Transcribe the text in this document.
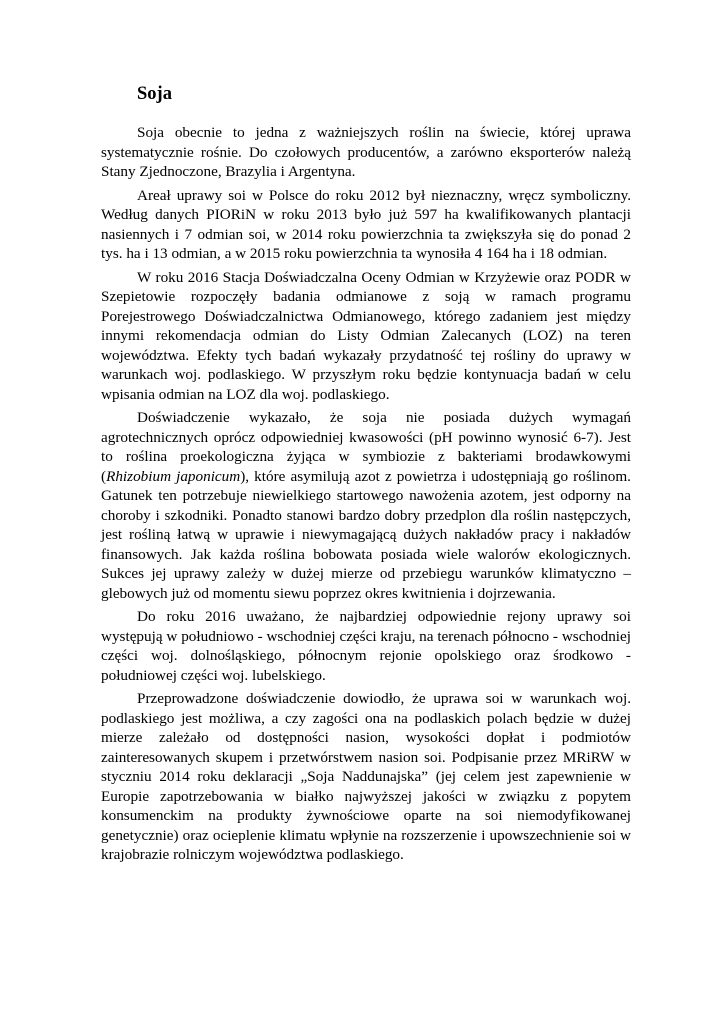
Soja

Soja obecnie to jedna z ważniejszych roślin na świecie, której uprawa systematycznie rośnie. Do czołowych producentów, a zarówno eksporterów należą Stany Zjednoczone, Brazylia i Argentyna.

Areał uprawy soi w Polsce do roku 2012 był nieznaczny, wręcz symboliczny. Według danych PIORiN w roku 2013 było już 597 ha kwalifikowanych plantacji nasiennych i 7 odmian soi, w 2014 roku powierzchnia ta zwiększyła się do ponad 2 tys. ha i 13 odmian, a w 2015 roku powierzchnia ta wynosiła 4 164 ha i 18 odmian.

W roku 2016 Stacja Doświadczalna Oceny Odmian w Krzyżewie oraz PODR w Szepietowie rozpoczęły badania odmianowe z soją w ramach programu Porejestrowego Doświadczalnictwa Odmianowego, którego zadaniem jest między innymi rekomendacja odmian do Listy Odmian Zalecanych (LOZ) na teren województwa. Efekty tych badań wykazały przydatność tej rośliny do uprawy w warunkach woj. podlaskiego. W przyszłym roku będzie kontynuacja badań w celu wpisania odmian na LOZ dla woj. podlaskiego.

Doświadczenie wykazało, że soja nie posiada dużych wymagań agrotechnicznych oprócz odpowiedniej kwasowości (pH powinno wynosić 6-7). Jest to roślina proekologiczna żyjąca w symbiozie z bakteriami brodawkowymi (Rhizobium japonicum), które asymilują azot z powietrza i udostępniają go roślinom. Gatunek ten potrzebuje niewielkiego startowego nawożenia azotem, jest odporny na choroby i szkodniki. Ponadto stanowi bardzo dobry przedplon dla roślin następczych, jest rośliną łatwą w uprawie i niewymagającą dużych nakładów pracy i nakładów finansowych. Jak każda roślina bobowata posiada wiele walorów ekologicznych. Sukces jej uprawy zależy w dużej mierze od przebiegu warunków klimatyczno – glebowych już od momentu siewu poprzez okres kwitnienia i dojrzewania.

Do roku 2016 uważano, że najbardziej odpowiednie rejony uprawy soi występują w południowo - wschodniej części kraju, na terenach północno - wschodniej części woj. dolnośląskiego, północnym rejonie opolskiego oraz środkowo - południowej części woj. lubelskiego.

Przeprowadzone doświadczenie dowiodło, że uprawa soi w warunkach woj. podlaskiego jest możliwa, a czy zagości ona na podlaskich polach będzie w dużej mierze zależało od dostępności nasion, wysokości dopłat i podmiotów zainteresowanych skupem i przetwórstwem nasion soi. Podpisanie przez MRiRW w styczniu 2014 roku deklaracji „Soja Naddunajska” (jej celem jest zapewnienie w Europie zapotrzebowania w białko najwyższej jakości w związku z popytem konsumenckim na produkty żywnościowe oparte na soi niemodyfikowanej genetycznie) oraz ocieplenie klimatu wpłynie na rozszerzenie i upowszechnienie soi w krajobrazie rolniczym województwa podlaskiego.
